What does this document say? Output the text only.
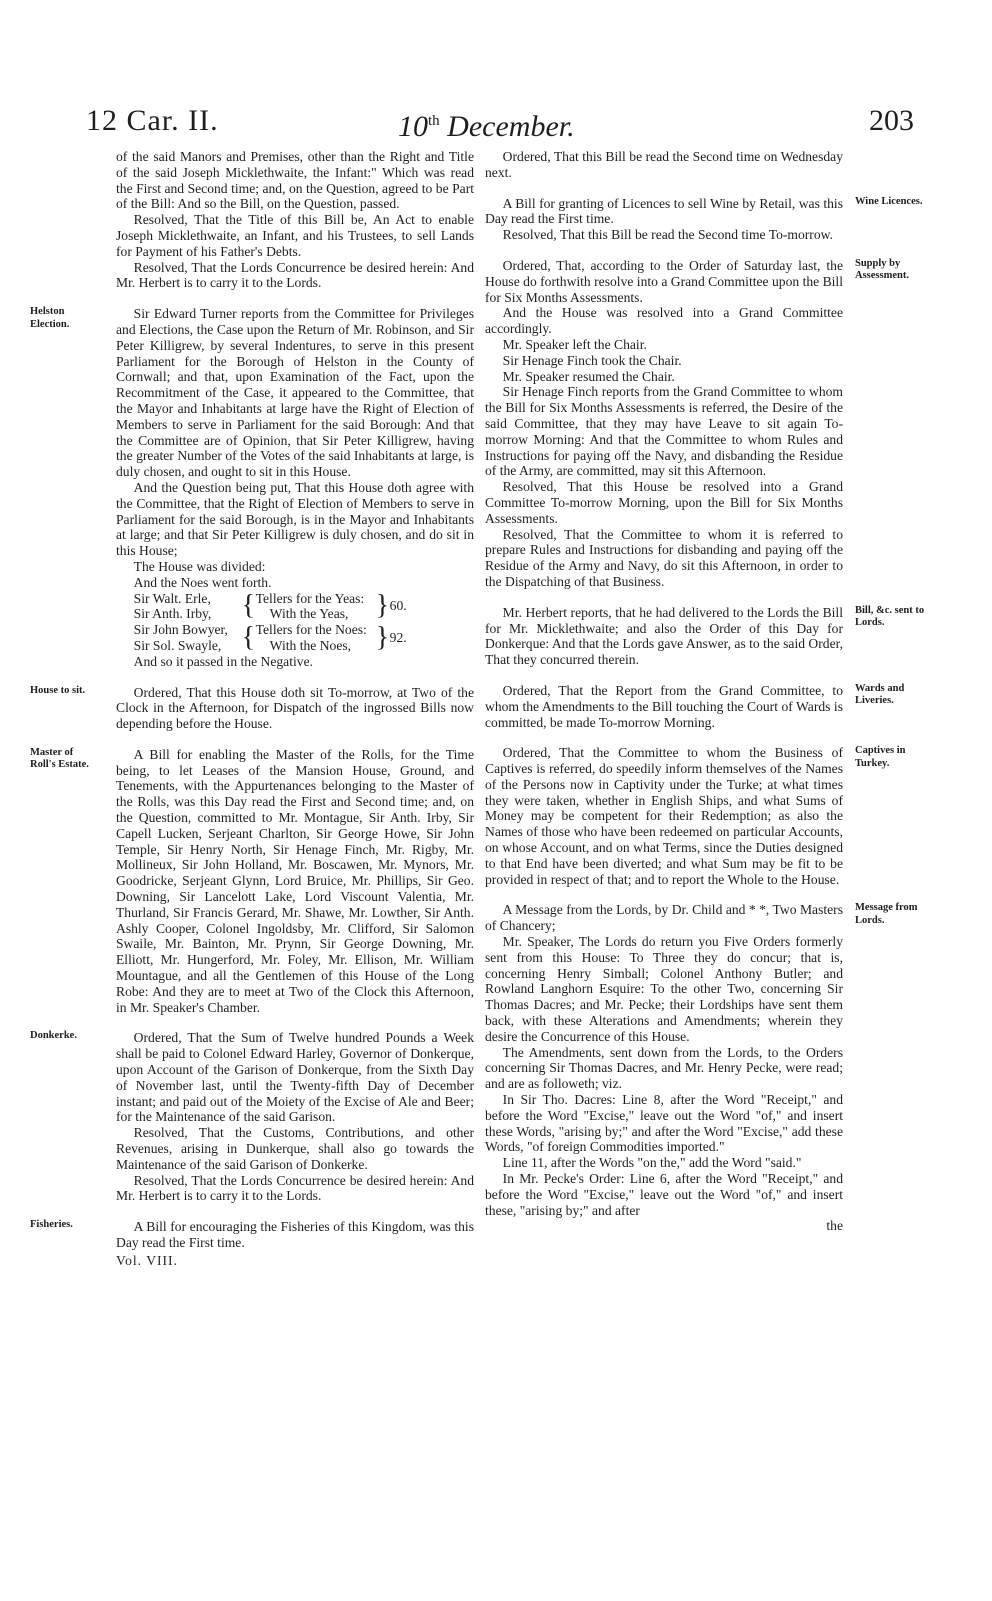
12 Car. II.	10th December.	203

of the said Manors and Premises, other than the Right and Title of the said Joseph Micklethwaite, the Infant:" Which was read the First and Second time; and, on the Question, agreed to be Part of the Bill: And so the Bill, on the Question, passed.

Resolved, That the Title of this Bill be, An Act to enable Joseph Micklethwaite, an Infant, and his Trustees, to sell Lands for Payment of his Father's Debts.

Resolved, That the Lords Concurrence be desired herein: And Mr. Herbert is to carry it to the Lords.

Helston Election.

Sir Edward Turner reports from the Committee for Privileges and Elections, the Case upon the Return of Mr. Robinson, and Sir Peter Killigrew, by several Indentures, to serve in this present Parliament for the Borough of Helston in the County of Cornwall; and that, upon Examination of the Fact, upon the Recommitment of the Case, it appeared to the Committee, that the Mayor and Inhabitants at large have the Right of Election of Members to serve in Parliament for the said Borough: And that the Committee are of Opinion, that Sir Peter Killigrew, having the greater Number of the Votes of the said Inhabitants at large, is duly chosen, and ought to sit in this House.

And the Question being put, That this House doth agree with the Committee, that the Right of Election of Members to serve in Parliament for the said Borough, is in the Mayor and Inhabitants at large; and that Sir Peter Killigrew is duly chosen, and do sit in this House;

The House was divided:

And the Noes went forth.

Sir Walt. Erle,
Sir Anth. Irby,	{ Tellers for the Yeas:
With the Yeas, } 60.
Sir John Bowyer,
Sir Sol. Swayle, { Tellers for the Noes:
With the Noes, } 92.

And so it passed in the Negative.

House to sit.	Ordered, That this House doth sit To-morrow, at Two of the Clock in the Afternoon, for Dispatch of the ingrossed Bills now depending before the House.

Master of Roll's Estate.

A Bill for enabling the Master of the Rolls, for the Time being, to let Leases of the Mansion House, Ground, and Tenements, with the Appurtenances belonging to the Master of the Rolls, was this Day read the First and Second time; and, on the Question, committed to Mr. Montague, Sir Anth. Irby, Sir Capell Lucken, Serjeant Charlton, Sir George Howe, Sir John Temple, Sir Henry North, Sir Henage Finch, Mr. Rigby, Mr. Mollineux, Sir John Holland, Mr. Boscawen, Mr. Mynors, Mr. Goodricke, Serjeant Glynn, Lord Bruice, Mr. Phillips, Sir Geo. Downing, Sir Lancelott Lake, Lord Viscount Valentia, Mr. Thurland, Sir Francis Gerard, Mr. Shawe, Mr. Lowther, Sir Anth. Ashly Cooper, Colonel Ingoldsby, Mr. Clifford, Sir Salomon Swaile, Mr. Bainton, Mr. Prynn, Sir George Downing, Mr. Elliott, Mr. Hungerford, Mr. Foley, Mr. Ellison, Mr. William Mountague, and all the Gentlemen of this House of the Long Robe: And they are to meet at Two of the Clock this Afternoon, in Mr. Speaker's Chamber.

Donkerke.	Ordered, That the Sum of Twelve hundred Pounds a Week shall be paid to Colonel Edward Harley, Governor of Donkerque, upon Account of the Garison of Donkerque, from the Sixth Day of November last, until the Twenty-fifth Day of December instant; and paid out of the Moiety of the Excise of Ale and Beer; for the Maintenance of the said Garison.

Resolved, That the Customs, Contributions, and other Revenues, arising in Dunkerque, shall also go towards the Maintenance of the said Garison of Donkerke.

Resolved, That the Lords Concurrence be desired herein: And Mr. Herbert is to carry it to the Lords.

Fisheries.	A Bill for encouraging the Fisheries of this Kingdom, was this Day read the First time.

Vol. VIII.

Ordered, That this Bill be read the Second time on Wednesday next.

Wine Licences.

A Bill for granting of Licences to sell Wine by Retail, was this Day read the First time.

Resolved, That this Bill be read the Second time To-morrow.

Supply by Assessment.

Ordered, That, according to the Order of Saturday last, the House do forthwith resolve into a Grand Committee upon the Bill for Six Months Assessments.

And the House was resolved into a Grand Committee accordingly.

Mr. Speaker left the Chair.

Sir Henage Finch took the Chair.

Mr. Speaker resumed the Chair.

Sir Henage Finch reports from the Grand Committee to whom the Bill for Six Months Assessments is referred, the Desire of the said Committee, that they may have Leave to sit again To-morrow Morning: And that the Committee to whom Rules and Instructions for paying off the Navy, and disbanding the Residue of the Army, are committed, may sit this Afternoon.

Resolved, That this House be resolved into a Grand Committee To-morrow Morning, upon the Bill for Six Months Assessments.

Resolved, That the Committee to whom it is referred to prepare Rules and Instructions for disbanding and paying off the Residue of the Army and Navy, do sit this Afternoon, in order to the Dispatching of that Business.

Bill, &c. sent to Lords.

Mr. Herbert reports, that he had delivered to the Lords the Bill for Mr. Micklethwaite; and also the Order of this Day for Donkerque: And that the Lords gave Answer, as to the said Order, That they concurred therein.

Wards and Liveries.

Ordered, That the Report from the Grand Committee, to whom the Amendments to the Bill touching the Court of Wards is committed, be made To-morrow Morning.

Captives in Turkey.

Ordered, That the Committee to whom the Business of Captives is referred, do speedily inform themselves of the Names of the Persons now in Captivity under the Turke; at what times they were taken, whether in English Ships, and what Sums of Money may be competent for their Redemption; as also the Names of those who have been redeemed on particular Accounts, on whose Account, and on what Terms, since the Duties designed to that End have been diverted; and what Sum may be fit to be provided in respect of that; and to report the Whole to the House.

Message from Lords.

A Message from the Lords, by Dr. Child and * *, Two Masters of Chancery;

Mr. Speaker, The Lords do return you Five Orders formerly sent from this House: To Three they do concur; that is, concerning Henry Simball; Colonel Anthony Butler; and Rowland Langhorn Esquire: To the other Two, concerning Sir Thomas Dacres; and Mr. Pecke; their Lordships have sent them back, with these Alterations and Amendments; wherein they desire the Concurrence of this House.

The Amendments, sent down from the Lords, to the Orders concerning Sir Thomas Dacres, and Mr. Henry Pecke, were read; and are as followeth; viz.

In Sir Tho. Dacres: Line 8, after the Word "Receipt," and before the Word "Excise," leave out the Word "of," and insert these Words, "arising by;" and after the Word "Excise," add these Words, "of foreign Commodities imported."

Line 11, after the Words "on the," add the Word "said."

In Mr. Pecke's Order: Line 6, after the Word "Receipt," and before the Word "Excise," leave out the Word "of," and insert these, "arising by;" and after

the
